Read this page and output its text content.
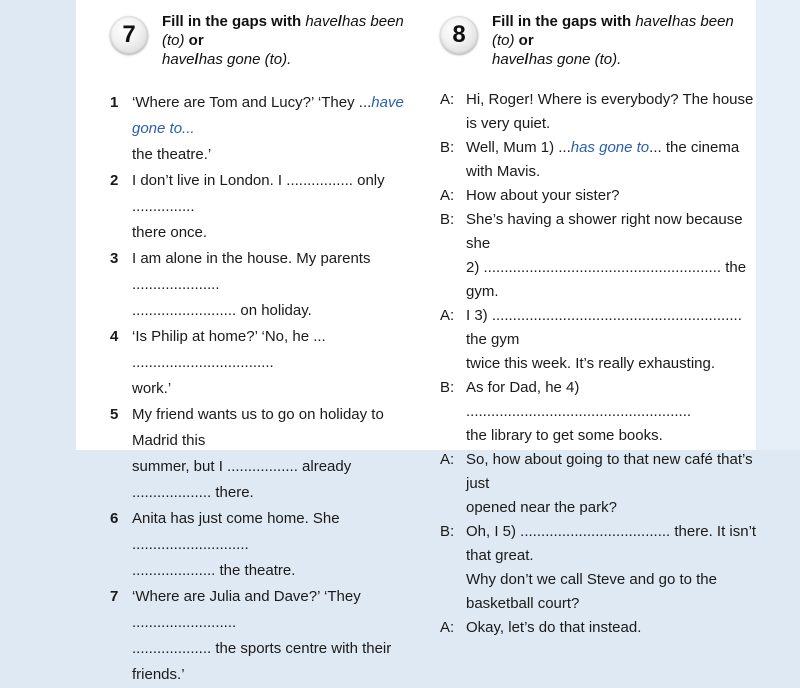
7	Fill in the gaps with have/has been (to) or
have/has gone (to).
1 ‘Where are Tom and Lucy?’ ‘They ...have gone to...
the theatre.’
2 I don’t live in London. I ................ only ...............
there once.
3 I am alone in the house. My parents .....................
......................... on holiday.
4 ‘Is Philip at home?’ ‘No, he ... ..................................
work.’
5 My friend wants us to go on holiday to Madrid this
summer, but I ................. already ................... there.
6 Anita has just come home. She ............................
.................... the theatre.
7 ‘Where are Julia and Dave?’ ‘They .........................
................... the sports centre with their friends.’
8	Fill in the gaps with have/has been (to) or
have/has gone (to).
A: Hi, Roger! Where is everybody? The house is very quiet.
B: Well, Mum 1) ...has gone to... the cinema with Mavis.
A: How about your sister?
B: She’s having a shower right now because she
2) ......................................................... the gym.
A: I 3) ............................................................ the gym
twice this week. It’s really exhausting.
B: As for Dad, he 4) ......................................................
the library to get some books.
A: So, how about going to that new café that’s just
opened near the park?
B: Oh, I 5) .................................... there. It isn’t that great.
Why don’t we call Steve and go to the basketball court?
A: Okay, let’s do that instead.
